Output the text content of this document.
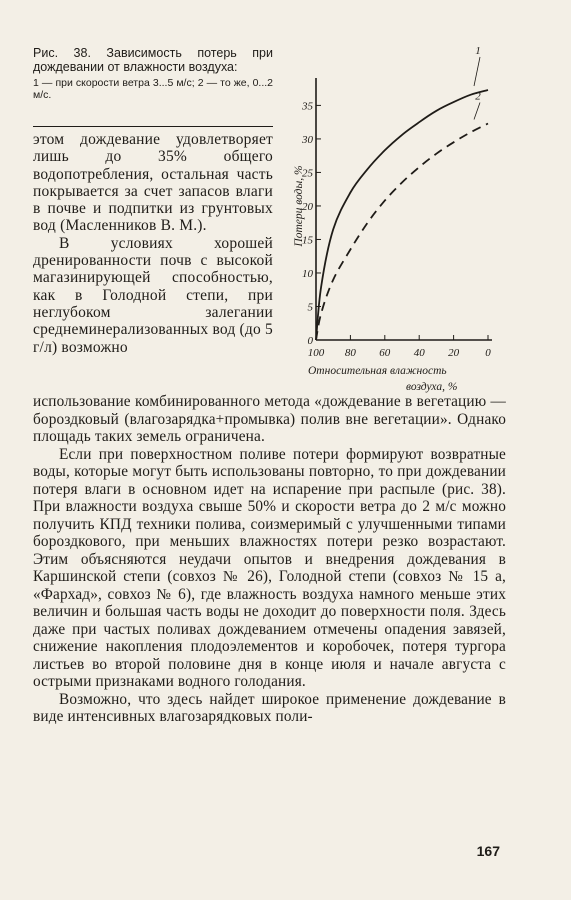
Рис. 38. Зависимость потерь при дождевании от влажности воздуха:

1 — при скорости ветра 3...5 м/с; 2 — то же, 0...2 м/с.

0
5
10
15
20
25
30
35
100 80 60 40 20 0
1
2
Потери воды, %
Относительная влажность
воздуха, %

этом дождевание удовлетворяет лишь до 35% общего водопотребления, остальная часть покрывается за счет запасов влаги в почве и подпитки из грунтовых вод (Масленников В. М.).

В условиях хорошей дренированности почв с высокой магазинирующей способностью, как в Голодной степи, при неглубоком залегании среднеминерализованных вод (до 5 г/л) возможно

использование комбинированного метода «дождевание в вегетацию — бороздковый (влагозарядка+промывка) полив вне вегетации». Однако площадь таких земель ограничена.

Если при поверхностном поливе потери формируют возвратные воды, которые могут быть использованы повторно, то при дождевании потеря влаги в основном идет на испарение при распыле (рис. 38). При влажности воздуха свыше 50% и скорости ветра до 2 м/с можно получить КПД техники полива, соизмеримый с улучшенными типами бороздкового, при меньших влажностях потери резко возрастают. Этим объясняются неудачи опытов и внедрения дождевания в Каршинской степи (совхоз № 26), Голодной степи (совхоз № 15 а, «Фархад», совхоз № 6), где влажность воздуха намного меньше этих величин и большая часть воды не доходит до поверхности поля. Здесь даже при частых поливах дождеванием отмечены опадения завязей, снижение накопления плодоэлементов и коробочек, потеря тургора листьев во второй половине дня в конце июля и начале августа с острыми признаками водного голодания.

Возможно, что здесь найдет широкое применение дождевание в виде интенсивных влагозарядковых поли-

167
